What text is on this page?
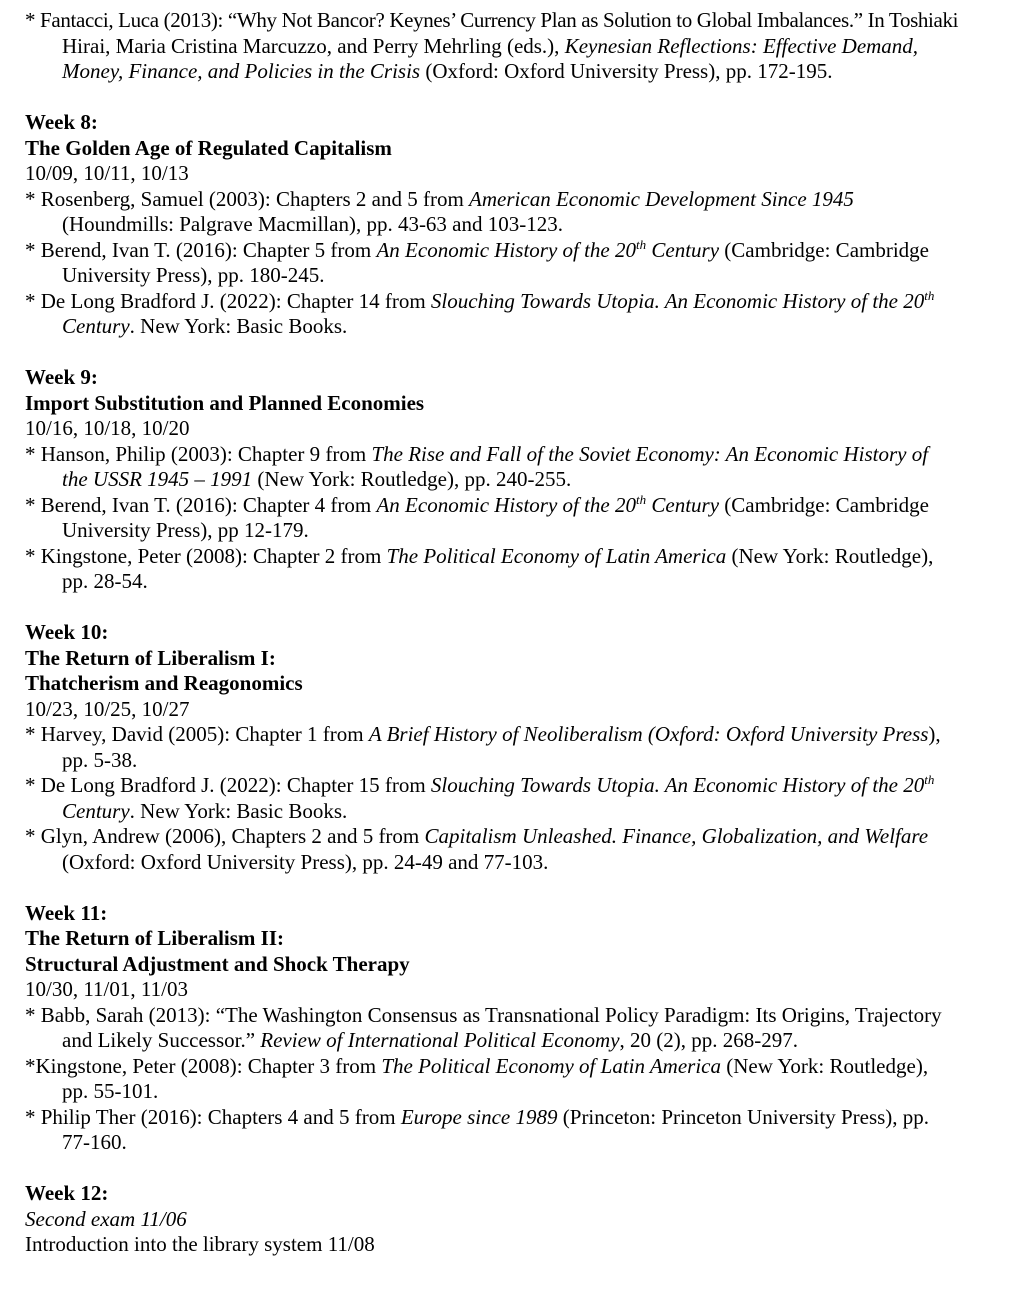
* Fantacci, Luca (2013): “Why Not Bancor? Keynes’ Currency Plan as Solution to Global Imbalances.” In Toshiaki
Hirai, Maria Cristina Marcuzzo, and Perry Mehrling (eds.), Keynesian Reflections: Effective Demand,
Money, Finance, and Policies in the Crisis (Oxford: Oxford University Press), pp. 172-195.
Week 8:
The Golden Age of Regulated Capitalism
10/09, 10/11, 10/13
* Rosenberg, Samuel (2003): Chapters 2 and 5 from American Economic Development Since 1945
(Houndmills: Palgrave Macmillan), pp. 43-63 and 103-123.
* Berend, Ivan T. (2016): Chapter 5 from An Economic History of the 20th Century (Cambridge: Cambridge
University Press), pp. 180-245.
* De Long Bradford J. (2022): Chapter 14 from Slouching Towards Utopia. An Economic History of the 20th
Century. New York: Basic Books.
Week 9:
Import Substitution and Planned Economies
10/16, 10/18, 10/20
* Hanson, Philip (2003): Chapter 9 from The Rise and Fall of the Soviet Economy: An Economic History of
the USSR 1945 – 1991 (New York: Routledge), pp. 240-255.
* Berend, Ivan T. (2016): Chapter 4 from An Economic History of the 20th Century (Cambridge: Cambridge
University Press), pp 12-179.
* Kingstone, Peter (2008): Chapter 2 from The Political Economy of Latin America (New York: Routledge),
pp. 28-54.
Week 10:
The Return of Liberalism I:
Thatcherism and Reagonomics
10/23, 10/25, 10/27
* Harvey, David (2005): Chapter 1 from A Brief History of Neoliberalism (Oxford: Oxford University Press),
pp. 5-38.
* De Long Bradford J. (2022): Chapter 15 from Slouching Towards Utopia. An Economic History of the 20th
Century. New York: Basic Books.
* Glyn, Andrew (2006), Chapters 2 and 5 from Capitalism Unleashed. Finance, Globalization, and Welfare
(Oxford: Oxford University Press), pp. 24-49 and 77-103.
Week 11:
The Return of Liberalism II:
Structural Adjustment and Shock Therapy
10/30, 11/01, 11/03
* Babb, Sarah (2013): “The Washington Consensus as Transnational Policy Paradigm: Its Origins, Trajectory
and Likely Successor.” Review of International Political Economy, 20 (2), pp. 268-297.
*Kingstone, Peter (2008): Chapter 3 from The Political Economy of Latin America (New York: Routledge),
pp. 55-101.
* Philip Ther (2016): Chapters 4 and 5 from Europe since 1989 (Princeton: Princeton University Press), pp.
77-160.
Week 12:
Second exam 11/06
Introduction into the library system 11/08
